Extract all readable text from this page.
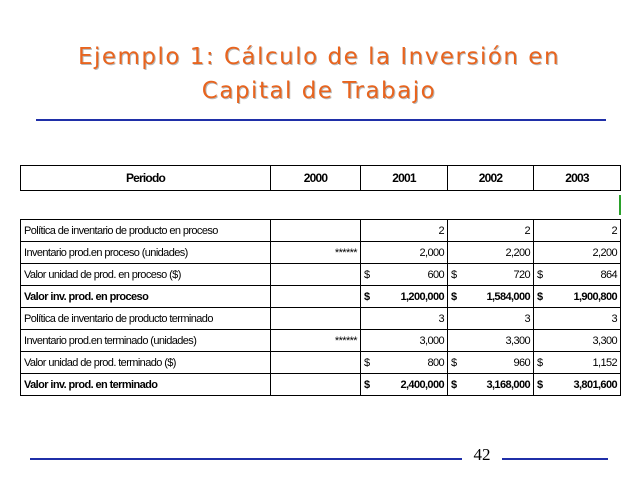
Ejemplo 1: Cálculo de la Inversión en
Capital de Trabajo
Periodo	2000	2001	2002	2003
Política de inventario de producto en proceso			2		2		2
Inventario prod.en proceso (unidades)	******		2,000		2,200		2,200
Valor unidad de prod. en proceso ($)		$	600	$	720	$	864
Valor inv. prod. en proceso		$	1,200,000	$	1,584,000	$	1,900,800
Política de inventario de producto terminado			3		3		3
Inventario prod.en terminado (unidades)	******		3,000		3,300		3,300
Valor unidad de prod. terminado ($)		$	800	$	960	$	1,152
Valor inv. prod. en terminado		$	2,400,000	$	3,168,000	$	3,801,600
42
